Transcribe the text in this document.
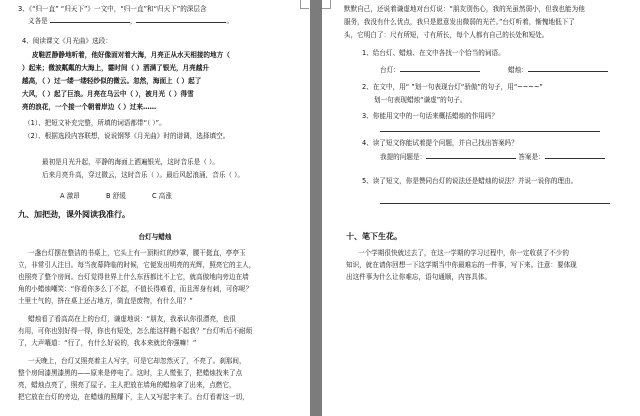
3、《“归一直” “归天下”》一文中，“归一直”和“归天下”的深层含
义各是	，	。
4、阅读课文《月光曲》选段：
皮鞋匠静静地听着，他好像面对着大海，月亮正从水天相接的地方（
）起来；微波粼粼的大海上，霎时间（ ）洒满了银光，月亮越升
越高，（ ）过一缕一缕轻纱似的微云。忽然，海面上（ ）起了
大风，（ ）起了巨浪。月亮在乌云中（ ），被月光（ ）得雪
亮的浪花，一个接一个朝着岸边（ ）过来……
（1）、把短文补充完整，所填的词语都带“（ ）”。
（2）、根据选段内容联想，说说钢琴《月光曲》时的谱调，选择填空。
最初是月光升起，平静的海面上洒遍银光，这时音乐是（ ）。
后来月亮升高，穿过微云，这时音乐（ ）。最后风起浪涌，音乐（ ）。
A 激昂	B 舒缓	C 高涨
九、加把劲，课外阅读我准行。
台灯与蜡烛
一盏台灯摆在整洁的书桌上，它头上有一顶粉红的纱罩，腰干挺直，亭亭玉
立，非常引人注目。每当夜幕降临的时候，它便发出明亮的光辉，照亮它的主人，
也照亮了整个房间。台灯觉得世界上什么东西都比不上它，就高傲地向旁边在墙
角的小蜡烛嘲笑：“你看你多么丁不起，不值长得难看，而且浑身有刺，可你呢？
土里土气的，挤在桌上还占地方，简直是废物，有什么用？”
蜡烛看了看高高在上的台灯，谦虚地说：“朋友，我承认你很漂亮，也很
有用，可你也别好得一得，你也有短处，怎么能这样瞧不起我？”台灯听后不耐烦
了，大声嚷道：“行了，有什么好说的，我本来就比你强嘛！”
一天晚上，台灯又照亮着主人写字，可是它却忽然灭了，不亮了。刹那间，
整个房间漆黑漆黑的——原来是停电了。这时，主人慌张了，把蜡烛找来了点
亮，蜡烛点亮了，照亮了屋子。主人把放在墙角的蜡烛拿了出来，点燃它，
把它放在台灯的旁边，在蜡烛的照耀下，主人又写起字来了。台灯看着这一切，
默默自己，还说着谦虚地对台灯说：“朋友别伤心，我的光虽然弱小，但我也能为他
服务，我没有什么优点，我只是愿意发出微弱的光芒。”台灯听着，惭愧地低下了
头，它明白了：尺有所短，寸有所长，每个人都有自己的长处和短处。
1、给台灯、蜡烛、在文中各找一个恰当的词语。
台灯：	蜡烛：
2、在文中，用“ ”划一句表现台灯“骄傲”的句子，用“~~~~”
划一句表现蜡烛“谦虚”的句子。
3、你能用文中的一句话来概括蜡烛的作用吗？
4、读了短文你能试着提个问题，并自己找出答案吗？
我提的问题是：	答案是：
5、读了短文，你是赞同台灯的说法还是蜡烛的说法？并说一说你的理由。
十、笔下生花。
一个学期很快就过去了，在这一学期的学习过程中，你一定收获了不少的
知识，就在请你回想一下这学期当中你最难忘的一件事，写下来。注意：要体现
出这件事为什么让你难忘，语句通顺，内容具体。
